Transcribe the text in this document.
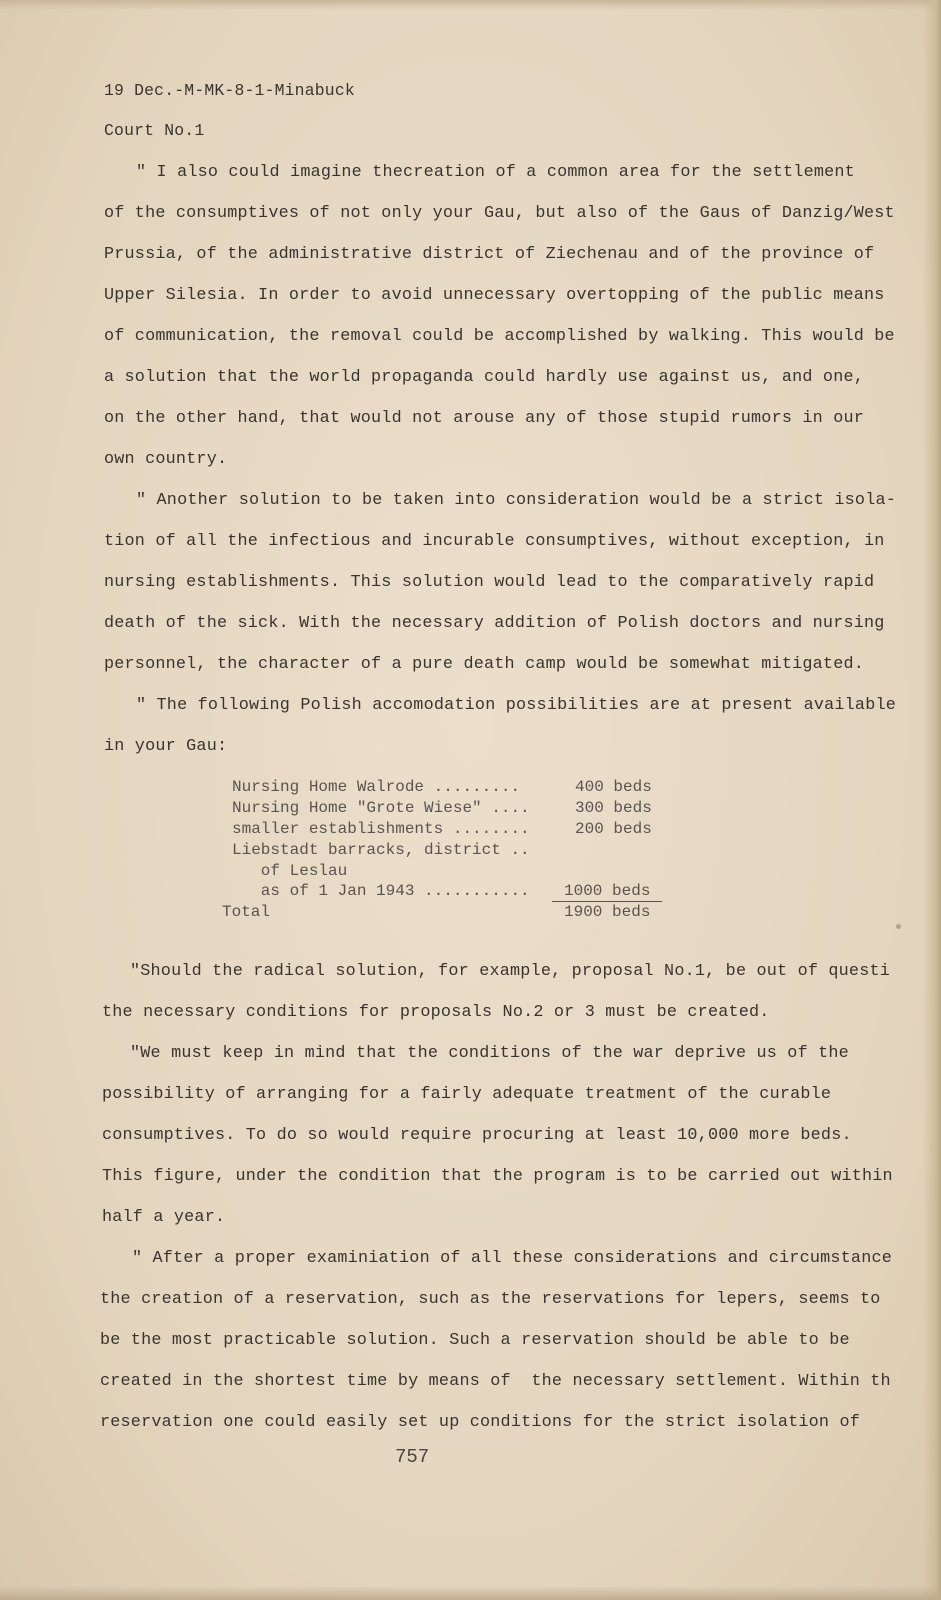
19 Dec.-M-MK-8-1-Minabuck
Court No.1
" I also could imagine thecreation of a common area for the settlement
of the consumptives of not only your Gau, but also of the Gaus of Danzig/West
Prussia, of the administrative district of Ziechenau and of the province of
Upper Silesia. In order to avoid unnecessary overtopping of the public means
of communication, the removal could be accomplished by walking. This would be
a solution that the world propaganda could hardly use against us, and one,
on the other hand, that would not arouse any of those stupid rumors in our
own country.
" Another solution to be taken into consideration would be a strict isola-
tion of all the infectious and incurable consumptives, without exception, in
nursing establishments. This solution would lead to the comparatively rapid
death of the sick. With the necessary addition of Polish doctors and nursing
personnel, the character of a pure death camp would be somewhat mitigated.
" The following Polish accomodation possibilities are at present available
in your Gau:
Nursing Home Walrode .........	400 beds
Nursing Home "Grote Wiese" ....	300 beds
smaller establishments ........	200 beds
Liebstadt barracks, district ..
of Leslau
as of 1 Jan 1943 ........... 1000 beds
Total	1900 beds
"Should the radical solution, for example, proposal No.1, be out of questi
the necessary conditions for proposals No.2 or 3 must be created.
"We must keep in mind that the conditions of the war deprive us of the
possibility of arranging for a fairly adequate treatment of the curable
consumptives. To do so would require procuring at least 10,000 more beds.
This figure, under the condition that the program is to be carried out within
half a year.
" After a proper examiniation of all these considerations and circumstance
the creation of a reservation, such as the reservations for lepers, seems to
be the most practicable solution. Such a reservation should be able to be
created in the shortest time by means of  the necessary settlement. Within th
reservation one could easily set up conditions for the strict isolation of
757
